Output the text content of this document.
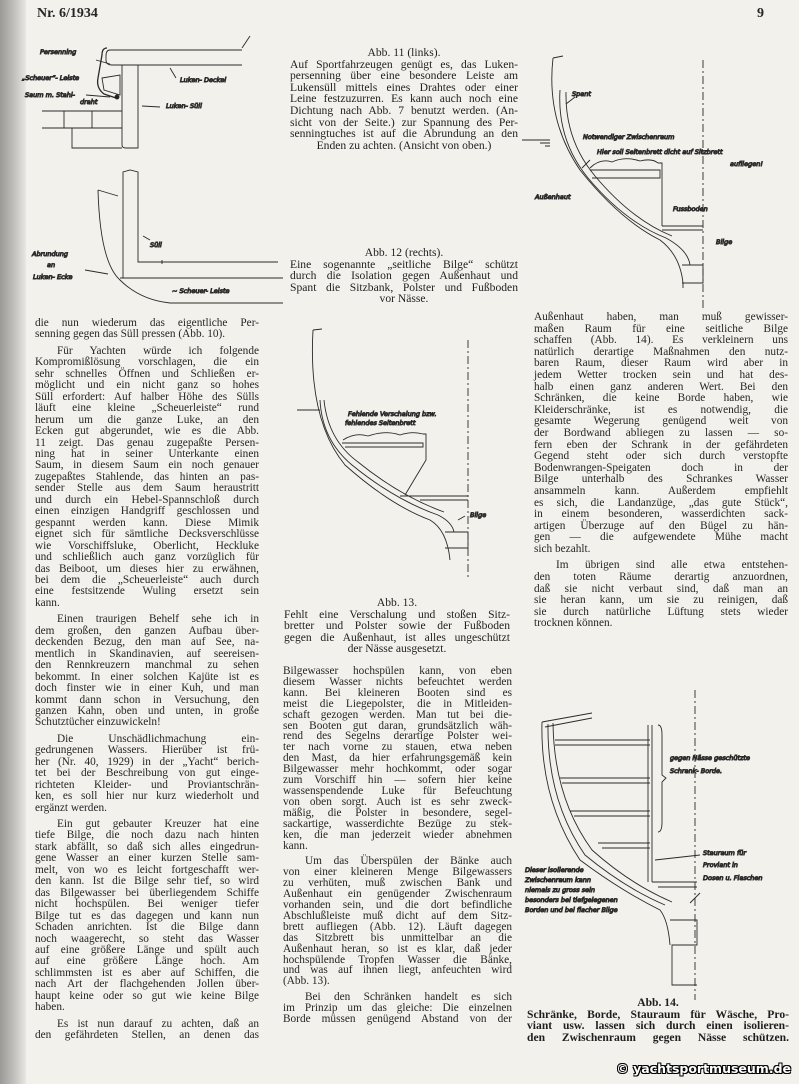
Nr. 6/1934	9
Persenning
„Scheuer“- Leiste
Saum m. Stahl-
draht
Luken- Deckel
Luken- Süll
Abrundung
an
Luken- Ecke
Süll
~ Scheuer- Leiste
Spant
Notwendiger Zwischenraum
Hier soll Seitenbrett dicht auf Sitzbrett
aufliegen!
Außenhaut
Fussboden
Bilge
Fehlende Verschalung bzw.
fehlendes Seitenbrett
Bilge
gegen Nässe geschützte
Schrank- Borde.
Stauraum für
Proviant in
Dosen u. Flaschen
Dieser isolierende
Zwischenraum kann
niemals zu gross sein
besonders bei tiefgelegenen
Borden und bei flacher Bilge
Abb. 11 (links).
Auf Sportfahrzeugen genügt es, das Luken-
persenning über eine besondere Leiste am
Lukensüll mittels eines Drahtes oder einer
Leine festzuzurren. Es kann auch noch eine
Dichtung nach Abb. 7 benutzt werden. (An-
sicht von der Seite.) zur Spannung des Per-
senningtuches ist auf die Abrundung an den
Enden zu achten. (Ansicht von oben.)
Abb. 12 (rechts).
Eine sogenannte „seitliche Bilge“ schützt
durch die Isolation gegen Außenhaut und
Spant die Sitzbank, Polster und Fußboden
vor Nässe.
Abb. 13.
Fehlt eine Verschalung und stoßen Sitz-
bretter und Polster sowie der Fußboden
gegen die Außenhaut, ist alles ungeschützt
der Nässe ausgesetzt.
Abb. 14.
Schränke, Borde, Stauraum für Wäsche, Pro-
viant usw. lassen sich durch einen isolieren-
den Zwischenraum gegen Nässe schützen.
die nun wiederum das eigentliche Per-
senning gegen das Süll pressen (Abb. 10).
Für Yachten würde ich folgende
Kompromißlösung vorschlagen, die ein
sehr schnelles Öffnen und Schließen er-
möglicht und ein nicht ganz so hohes
Süll erfordert: Auf halber Höhe des Sülls
läuft eine kleine „Scheuerleiste“ rund
herum um die ganze Luke, an den
Ecken gut abgerundet, wie es die Abb.
11 zeigt. Das genau zugepaßte Persen-
ning hat in seiner Unterkante einen
Saum, in diesem Saum ein noch genauer
zugepaßtes Stahlende, das hinten an pas-
sender Stelle aus dem Saum heraustritt
und durch ein Hebel-Spannschloß durch
einen einzigen Handgriff geschlossen und
gespannt werden kann. Diese Mimik
eignet sich für sämtliche Decksverschlüsse
wie Vorschiffsluke, Oberlicht, Heckluke
und schließlich auch ganz vorzüglich für
das Beiboot, um dieses hier zu erwähnen,
bei dem die „Scheuerleiste“ auch durch
eine festsitzende Wuling ersetzt sein
kann.
Einen traurigen Behelf sehe ich in
dem großen, den ganzen Aufbau über-
deckenden Bezug, den man auf See, na-
mentlich in Skandinavien, auf seereisen-
den Rennkreuzern manchmal zu sehen
bekommt. In einer solchen Kajüte ist es
doch finster wie in einer Kuh, und man
kommt dann schon in Versuchung, den
ganzen Kahn, oben und unten, in große
Schutztücher einzuwickeln!
Die Unschädlichmachung ein-
gedrungenen Wassers. Hierüber ist frü-
her (Nr. 40, 1929) in der „Yacht“ berich-
tet bei der Beschreibung von gut einge-
richteten Kleider- und Proviantschrän-
ken, es soll hier nur kurz wiederholt und
ergänzt werden.
Ein gut gebauter Kreuzer hat eine
tiefe Bilge, die noch dazu nach hinten
stark abfällt, so daß sich alles eingedrun-
gene Wasser an einer kurzen Stelle sam-
melt, von wo es leicht fortgeschafft wer-
den kann. Ist die Bilge sehr tief, so wird
das Bilgewasser bei überliegendem Schiffe
nicht hochspülen. Bei weniger tiefer
Bilge tut es das dagegen und kann nun
Schaden anrichten. Ist die Bilge dann
noch waagerecht, so steht das Wasser
auf eine größere Länge und spült auch
auf eine größere Länge hoch. Am
schlimmsten ist es aber auf Schiffen, die
nach Art der flachgehenden Jollen über-
haupt keine oder so gut wie keine Bilge
haben.
Es ist nun darauf zu achten, daß an
den gefährdeten Stellen, an denen das
Bilgewasser hochspülen kann, von eben
diesem Wasser nichts befeuchtet werden
kann. Bei kleineren Booten sind es
meist die Liegepolster, die in Mitleiden-
schaft gezogen werden. Man tut bei die-
sen Booten gut daran, grundsätzlich wäh-
rend des Segelns derartige Polster wei-
ter nach vorne zu stauen, etwa neben
den Mast, da hier erfahrungsgemäß kein
Bilgewasser mehr hochkommt, oder sogar
zum Vorschiff hin — sofern hier keine
wassenspendende Luke für Befeuchtung
von oben sorgt. Auch ist es sehr zweck-
mäßig, die Polster in besondere, segel-
sackartige, wasserdichte Bezüge zu stek-
ken, die man jederzeit wieder abnehmen
kann.
Um das Überspülen der Bänke auch
von einer kleineren Menge Bilgewassers
zu verhüten, muß zwischen Bank und
Außenhaut ein genügender Zwischenraum
vorhanden sein, und die dort befindliche
Abschlußleiste muß dicht auf dem Sitz-
brett aufliegen (Abb. 12). Läuft dagegen
das Sitzbrett bis unmittelbar an die
Außenhaut heran, so ist es klar, daß jeder
hochspülende Tropfen Wasser die Bänke,
und was auf ihnen liegt, anfeuchten wird
(Abb. 13).
Bei den Schränken handelt es sich
im Prinzip um das gleiche: Die einzelnen
Borde müssen genügend Abstand von der
Außenhaut haben, man muß gewisser-
maßen Raum für eine seitliche Bilge
schaffen (Abb. 14). Es verkleinern uns
natürlich derartige Maßnahmen den nutz-
baren Raum, dieser Raum wird aber in
jedem Wetter trocken sein und hat des-
halb einen ganz anderen Wert. Bei den
Schränken, die keine Borde haben, wie
Kleiderschränke, ist es notwendig, die
gesamte Wegerung genügend weit von
der Bordwand abliegen zu lassen — so-
fern eben der Schrank in der gefährdeten
Gegend steht oder sich durch verstopfte
Bodenwrangen-Speigaten doch in der
Bilge unterhalb des Schrankes Wasser
ansammeln kann. Außerdem empfiehlt
es sich, die Landanzüge, „das gute Stück“,
in einem besonderen, wasserdichten sack-
artigen Überzuge auf den Bügel zu hän-
gen — die aufgewendete Mühe macht
sich bezahlt.
Im übrigen sind alle etwa entstehen-
den toten Räume derartig anzuordnen,
daß sie nicht verbaut sind, daß man an
sie heran kann, um sie zu reinigen, daß
sie durch natürliche Lüftung stets wieder
trocknen können.
© yachtsportmuseum.de
